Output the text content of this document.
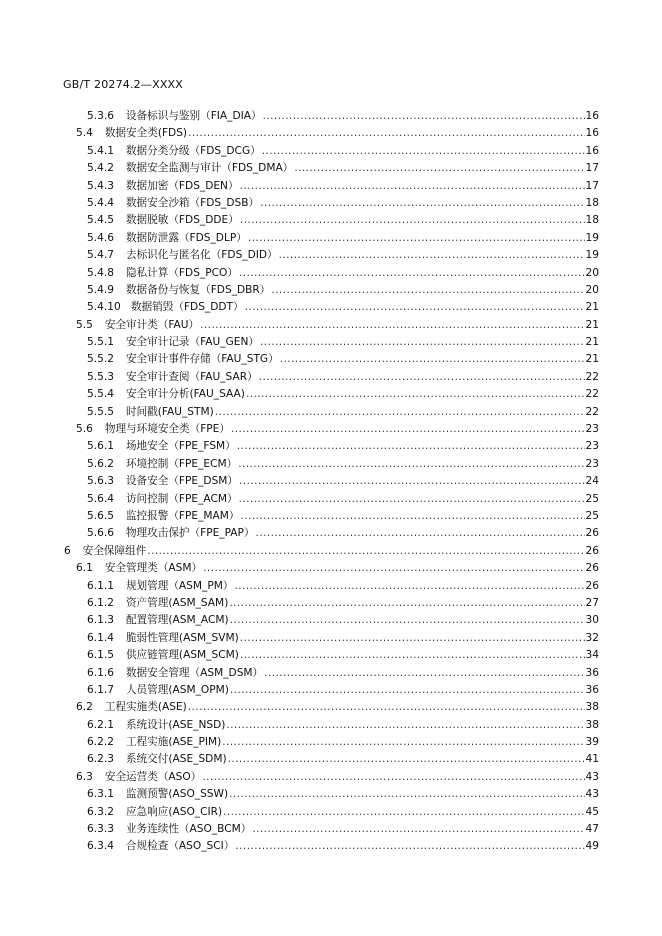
GB/T 20274.2—XXXX
5.3.6 设备标识与鉴别（FIA_DIA） .....	16
5.4 数据安全类(FDS) .....	16
5.4.1 数据分类分级（FDS_DCG） .....	16
5.4.2 数据安全监测与审计（FDS_DMA） .....	17
5.4.3 数据加密（FDS_DEN） .....	17
5.4.4 数据安全沙箱（FDS_DSB） .....	18
5.4.5 数据脱敏（FDS_DDE） .....	18
5.4.6 数据防泄露（FDS_DLP） .....	19
5.4.7 去标识化与匿名化（FDS_DID） .....	19
5.4.8 隐私计算（FDS_PCO） .....	20
5.4.9 数据备份与恢复（FDS_DBR） .....	20
5.4.10 数据销毁（FDS_DDT） .....	21
5.5 安全审计类（FAU） .....	21
5.5.1 安全审计记录（FAU_GEN） .....	21
5.5.2 安全审计事件存储（FAU_STG） .....	21
5.5.3 安全审计查阅（FAU_SAR） .....	22
5.5.4 安全审计分析(FAU_SAA) .....	22
5.5.5 时间戳(FAU_STM) .....	22
5.6 物理与环境安全类（FPE） .....	23
5.6.1 场地安全（FPE_FSM） .....	23
5.6.2 环境控制（FPE_ECM） .....	23
5.6.3 设备安全（FPE_DSM） .....	24
5.6.4 访问控制（FPE_ACM） .....	25
5.6.5 监控报警（FPE_MAM） .....	25
5.6.6 物理攻击保护（FPE_PAP） .....	26
6 安全保障组件 .....	26
6.1 安全管理类（ASM） .....	26
6.1.1 规划管理（ASM_PM） .....	26
6.1.2 资产管理(ASM_SAM) .....	27
6.1.3 配置管理(ASM_ACM) .....	30
6.1.4 脆弱性管理(ASM_SVM) .....	32
6.1.5 供应链管理(ASM_SCM) .....	34
6.1.6 数据安全管理（ASM_DSM） .....	36
6.1.7 人员管理(ASM_OPM) .....	36
6.2 工程实施类(ASE) .....	38
6.2.1 系统设计(ASE_NSD) .....	38
6.2.2 工程实施(ASE_PIM) .....	39
6.2.3 系统交付(ASE_SDM) .....	41
6.3 安全运营类（ASO） .....	43
6.3.1 监测预警(ASO_SSW) .....	43
6.3.2 应急响应(ASO_CIR) .....	45
6.3.3 业务连续性（ASO_BCM） .....	47
6.3.4 合规检查（ASO_SCI） .....	49
